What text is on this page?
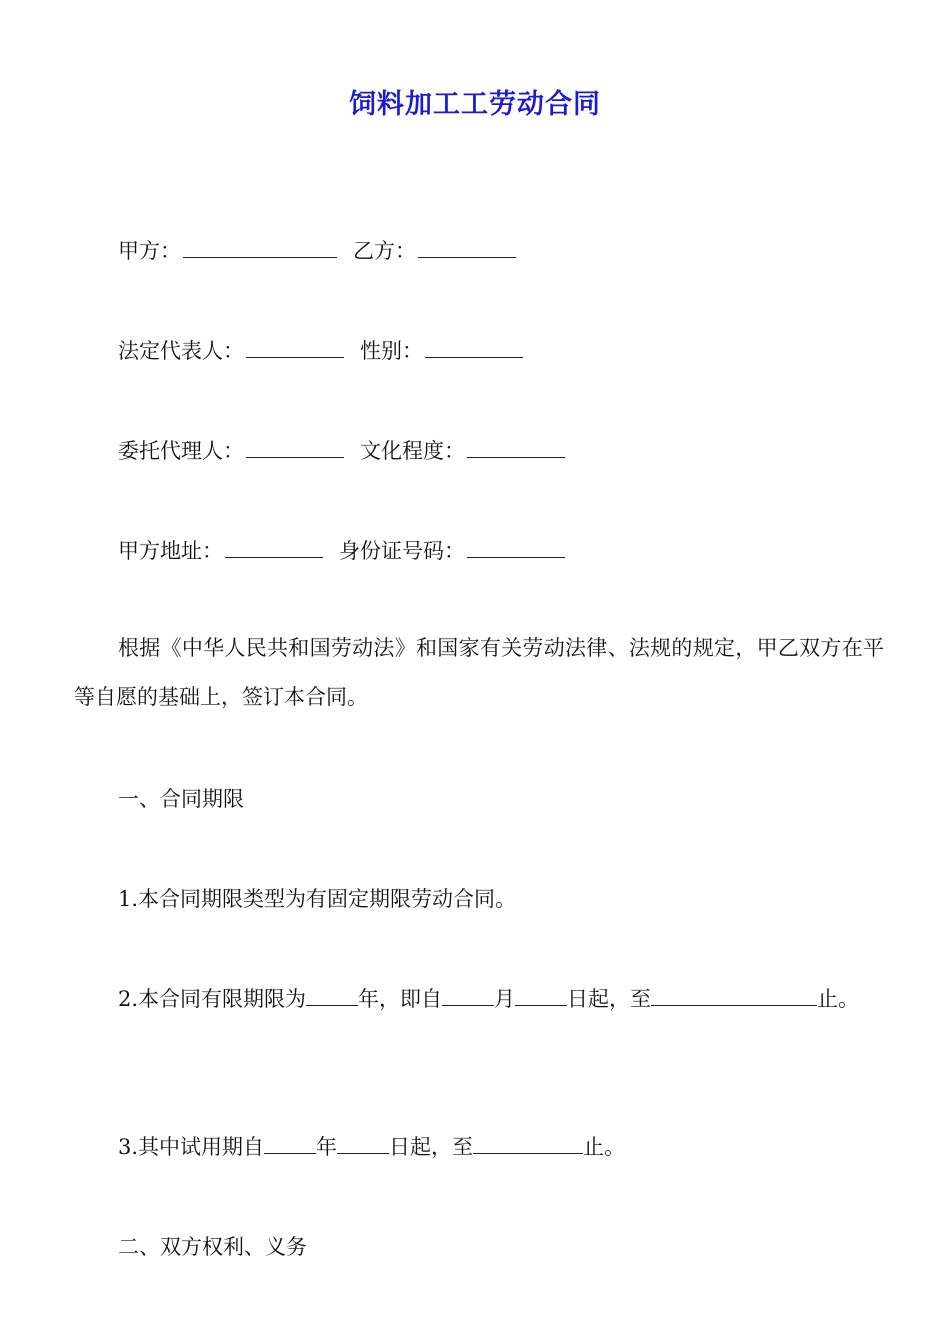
饲料加工工劳动合同
甲方：	乙方：
法定代表人：	性别：
委托代理人：	文化程度：
甲方地址：	身份证号码：
根据《中华人民共和国劳动法》和国家有关劳动法律、法规的规定，甲乙双方在平等自愿的基础上，签订本合同。
一、合同期限
1.本合同期限类型为有固定期限劳动合同。
2.本合同有限期限为 年，即自 月 日起，至	止。
3.其中试用期自 年 日起，至	止。
二、双方权利、义务
